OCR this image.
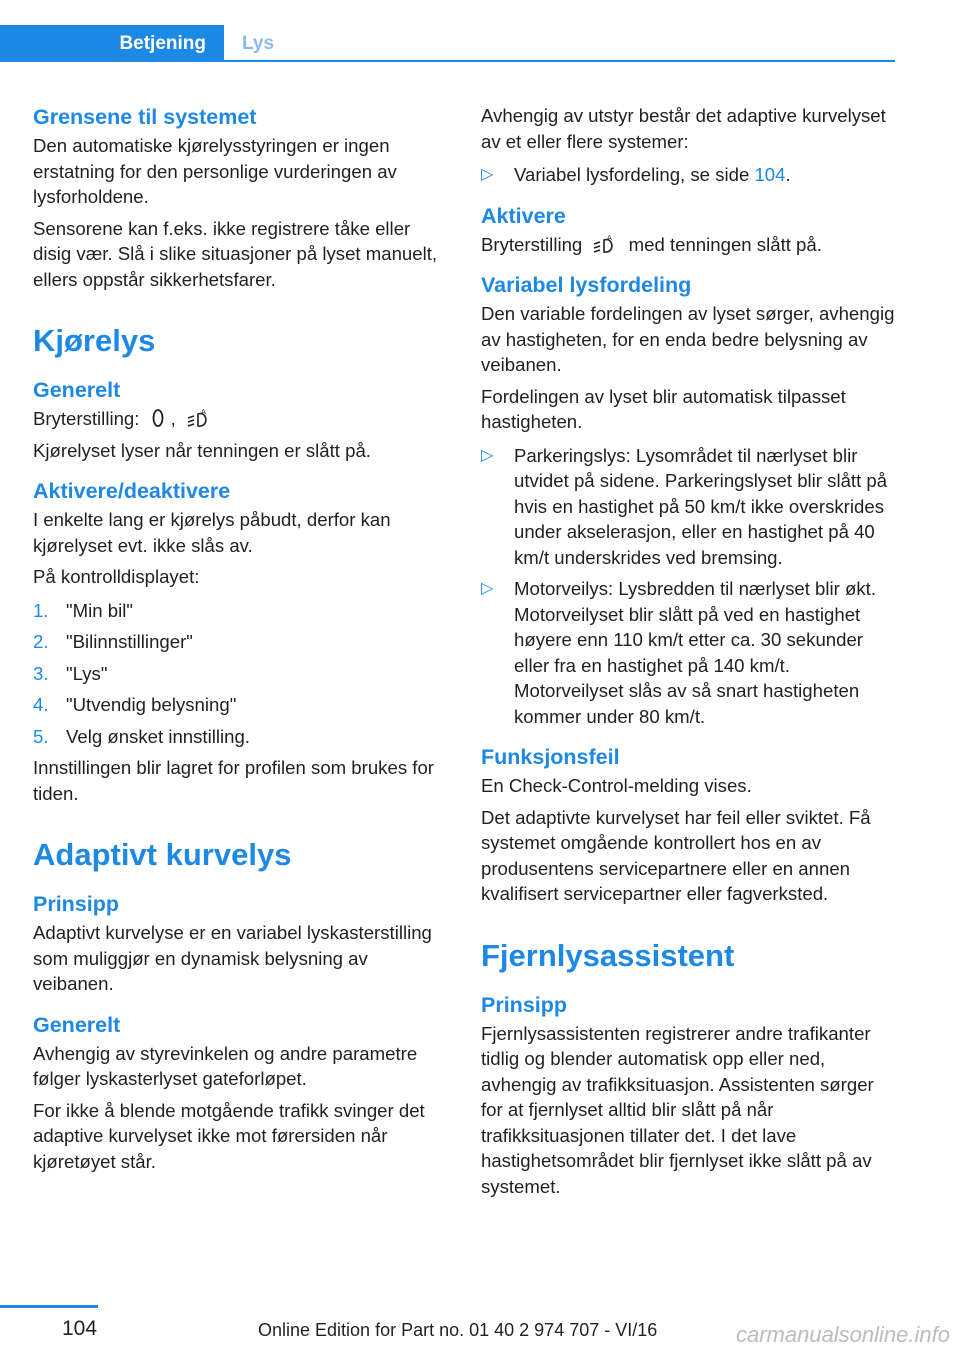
Betjening Lys
Grensene til systemet

Den automatiske kjørelysstyringen er ingen erstatning for den personlige vurderingen av lysforholdene.

Sensorene kan f.eks. ikke registrere tåke eller disig vær. Slå i slike situasjoner på lyset manuelt, ellers oppstår sikkerhetsfarer.

Kjørelys
Generelt

Bryterstilling: ,	A

Kjørelyset lyser når tenningen er slått på.

Aktivere/deaktivere

I enkelte lang er kjørelys påbudt, derfor kan kjørelyset evt. ikke slås av.

På kontrolldisplayet:

1. "Min bil"
2. "Bilinnstillinger"
3. "Lys"
4. "Utvendig belysning"
5. Velg ønsket innstilling.

Innstillingen blir lagret for profilen som brukes for tiden.

Adaptivt kurvelys
Prinsipp

Adaptivt kurvelyse er en variabel lyskasterstilling som muliggjør en dynamisk belysning av veibanen.

Generelt

Avhengig av styrevinkelen og andre parametre følger lyskasterlyset gateforløpet.

For ikke å blende motgående trafikk svinger det adaptive kurvelyset ikke mot førersiden når kjøretøyet står.

Avhengig av utstyr består det adaptive kurvelyset av et eller flere systemer:

▷	Variabel lysfordeling, se side 104.
Aktivere

Bryterstilling	A med tenningen slått på.

Variabel lysfordeling

Den variable fordelingen av lyset sørger, avhengig av hastigheten, for en enda bedre belysning av veibanen.

Fordelingen av lyset blir automatisk tilpasset hastigheten.

▷	Parkeringslys: Lysområdet til nærlyset blir utvidet på sidene. Parkeringslyset blir slått på hvis en hastighet på 50 km/t ikke overskrides under akselerasjon, eller en hastighet på 40 km/t underskrides ved bremsing.
▷	Motorveilys: Lysbredden til nærlyset blir økt. Motorveilyset blir slått på ved en hastighet høyere enn 110 km/t etter ca. 30 sekunder eller fra en hastighet på 140 km/t. Motorveilyset slås av så snart hastigheten kommer under 80 km/t.
Funksjonsfeil

En Check-Control-melding vises.

Det adaptivte kurvelyset har feil eller sviktet. Få systemet omgående kontrollert hos en av produsentens servicepartnere eller en annen kvalifisert servicepartner eller fagverksted.

Fjernlysassistent
Prinsipp

Fjernlysassistenten registrerer andre trafikanter tidlig og blender automatisk opp eller ned, avhengig av trafikksituasjon. Assistenten sørger for at fjernlyset alltid blir slått på når trafikksituasjonen tillater det. I det lave hastighetsområdet blir fjernlyset ikke slått på av systemet.

104	Online Edition for Part no. 01 40 2 974 707 - VI/16	carmanualsonline.info
